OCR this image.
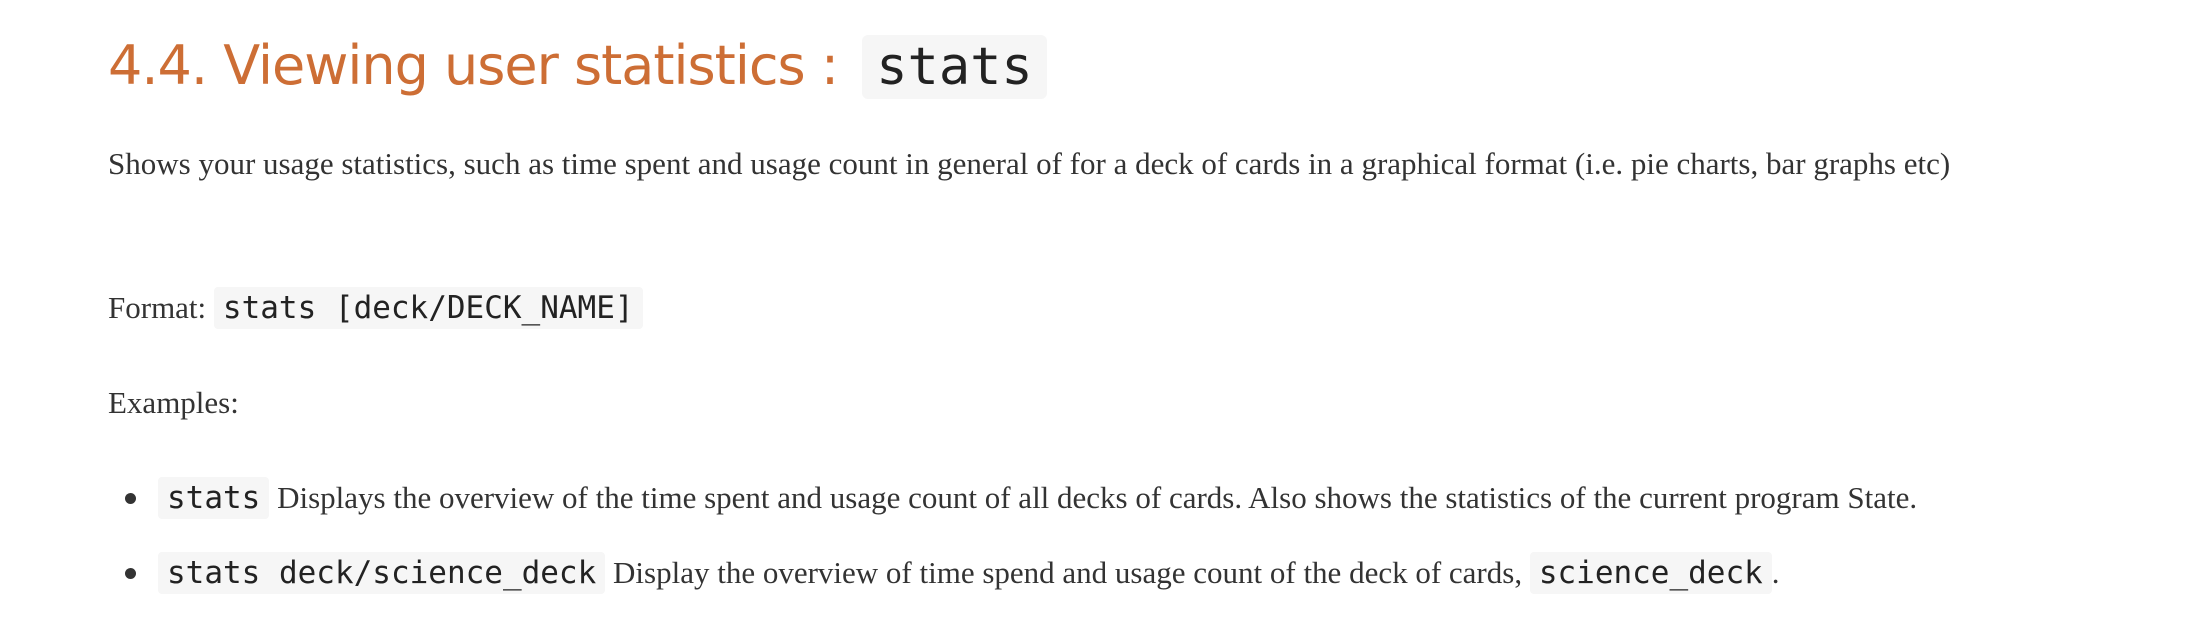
4.4. Viewing user statistics : stats

Shows your usage statistics, such as time spent and usage count in general of for a deck of cards in a graphical format (i.e. pie charts, bar graphs etc)

Format: stats [deck/DECK_NAME]

Examples:

stats Displays the overview of the time spent and usage count of all decks of cards. Also shows the statistics of the current program State.
stats deck/science_deck Display the overview of time spend and usage count of the deck of cards, science_deck .
